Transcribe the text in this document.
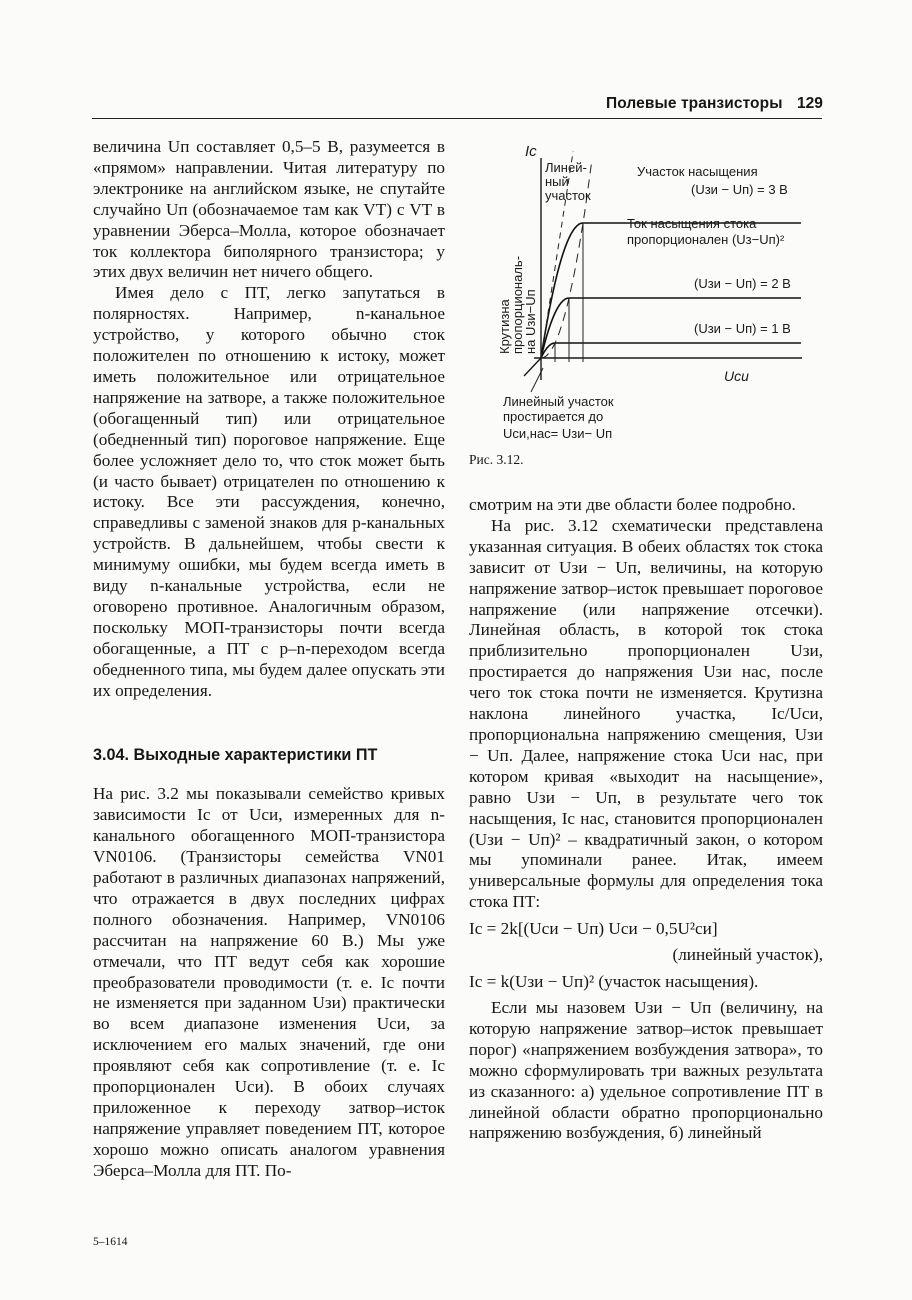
Полевые транзисторы 129

величина Uп составляет 0,5–5 В, разумеется в «прямом» направлении. Читая литературу по электронике на английском языке, не спутайте случайно Uп (обозначаемое там как VT) с VT в уравнении Эберса–Молла, которое обозначает ток коллектора биполярного транзистора; у этих двух величин нет ничего общего.

Имея дело с ПТ, легко запутаться в полярностях. Например, n-канальное устройство, у которого обычно сток положителен по отношению к истоку, может иметь положительное или отрицательное напряжение на затворе, а также положительное (обогащенный тип) или отрицательное (обедненный тип) пороговое напряжение. Еще более усложняет дело то, что сток может быть (и часто бывает) отрицателен по отношению к истоку. Все эти рассуждения, конечно, справедливы с заменой знаков для p-канальных устройств. В дальнейшем, чтобы свести к минимуму ошибки, мы будем всегда иметь в виду n-канальные устройства, если не оговорено противное. Аналогичным образом, поскольку МОП-транзисторы почти всегда обогащенные, а ПТ с p–n-переходом всегда обедненного типа, мы будем далее опускать эти их определения.

3.04. Выходные характеристики ПТ

На рис. 3.2 мы показывали семейство кривых зависимости Iс от Uси, измеренных для n-канального обогащенного МОП-транзистора VN0106. (Транзисторы семейства VN01 работают в различных диапазонах напряжений, что отражается в двух последних цифрах полного обозначения. Например, VN0106 рассчитан на напряжение 60 В.) Мы уже отмечали, что ПТ ведут себя как хорошие преобразователи проводимости (т. е. Iс почти не изменяется при заданном Uзи) практически во всем диапазоне изменения Uси, за исключением его малых значений, где они проявляют себя как сопротивление (т. е. Iс пропорционален Uси). В обоих случаях приложенное к переходу затвор–исток напряжение управляет поведением ПТ, которое хорошо можно описать аналогом уравнения Эберса–Молла для ПТ. По-

Iс
Uси
Линей-
ный
участок
Участок насыщения
(Uзи − Uп) = 3 В
Ток насыщения стока
пропорционален (Uз−Uп)²
(Uзи − Uп) = 2 В
(Uзи − Uп) = 1 В
Крутизна
пропорциональ-
на Uзи−Uп
Линейный участок
простирается до
Uси,нас= Uзи− Uп
Рис. 3.12.

смотрим на эти две области более подробно.

На рис. 3.12 схематически представлена указанная ситуация. В обеих областях ток стока зависит от Uзи − Uп, величины, на которую напряжение затвор–исток превышает пороговое напряжение (или напряжение отсечки). Линейная область, в которой ток стока приблизительно пропорционален Uзи, простирается до напряжения Uзи нас, после чего ток стока почти не изменяется. Крутизна наклона линейного участка, Iс/Uси, пропорциональна напряжению смещения, Uзи − Uп. Далее, напряжение стока Uси нас, при котором кривая «выходит на насыщение», равно Uзи − Uп, в результате чего ток насыщения, Iс нас, становится пропорционален (Uзи − Uп)² – квадратичный закон, о котором мы упоминали ранее. Итак, имеем универсальные формулы для определения тока стока ПТ:

Iс = 2k[(Uси − Uп) Uси − 0,5U²си]
(линейный участок),
Iс = k(Uзи − Uп)² (участок насыщения).

Если мы назовем Uзи − Uп (величину, на которую напряжение затвор–исток превышает порог) «напряжением возбуждения затвора», то можно сформулировать три важных результата из сказанного: а) удельное сопротивление ПТ в линейной области обратно пропорционально напряжению возбуждения, б) линейный

5–1614
